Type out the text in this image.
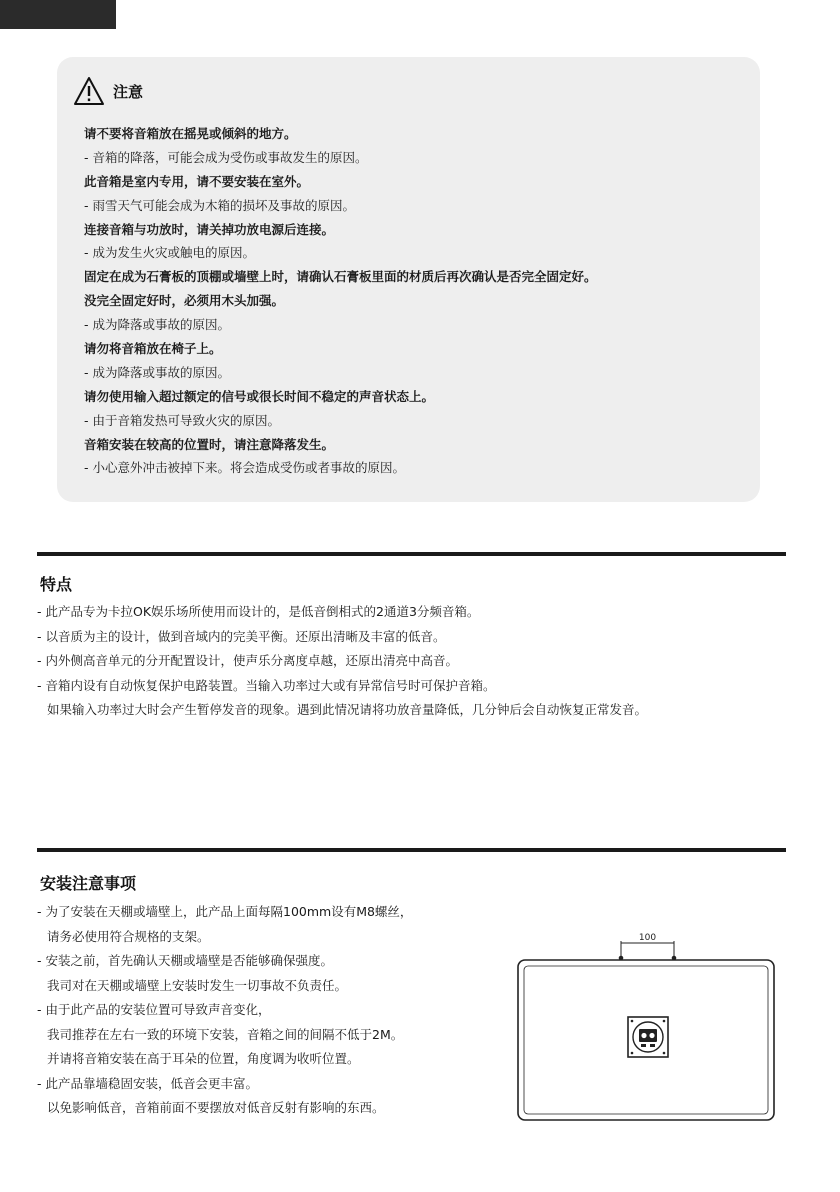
注意
请不要将音箱放在摇晃或倾斜的地方。
- 音箱的降落，可能会成为受伤或事故发生的原因。
此音箱是室内专用，请不要安装在室外。
- 雨雪天气可能会成为木箱的损坏及事故的原因。
连接音箱与功放时，请关掉功放电源后连接。
- 成为发生火灾或触电的原因。
固定在成为石膏板的顶棚或墙壁上时，请确认石膏板里面的材质后再次确认是否完全固定好。
没完全固定好时，必须用木头加强。
- 成为降落或事故的原因。
请勿将音箱放在椅子上。
- 成为降落或事故的原因。
请勿使用输入超过额定的信号或很长时间不稳定的声音状态上。
- 由于音箱发热可导致火灾的原因。
音箱安装在较高的位置时，请注意降落发生。
- 小心意外冲击被掉下来。将会造成受伤或者事故的原因。
特点
- 此产品专为卡拉OK娱乐场所使用而设计的，是低音倒相式的2通道3分频音箱。
- 以音质为主的设计，做到音域内的完美平衡。还原出清晰及丰富的低音。
- 内外侧高音单元的分开配置设计，使声乐分离度卓越，还原出清亮中高音。
- 音箱内设有自动恢复保护电路装置。当输入功率过大或有异常信号时可保护音箱。
如果输入功率过大时会产生暂停发音的现象。遇到此情况请将功放音量降低，几分钟后会自动恢复正常发音。
安装注意事项
- 为了安装在天棚或墙壁上，此产品上面每隔100mm设有M8螺丝，
请务必使用符合规格的支架。
- 安装之前，首先确认天棚或墙壁是否能够确保强度。
我司对在天棚或墙壁上安装时发生一切事故不负责任。
- 由于此产品的安装位置可导致声音变化，
我司推荐在左右一致的环境下安装，音箱之间的间隔不低于2M。
并请将音箱安装在高于耳朵的位置，角度调为收听位置。
- 此产品靠墙稳固安装，低音会更丰富。
以免影响低音，音箱前面不要摆放对低音反射有影响的东西。
100
